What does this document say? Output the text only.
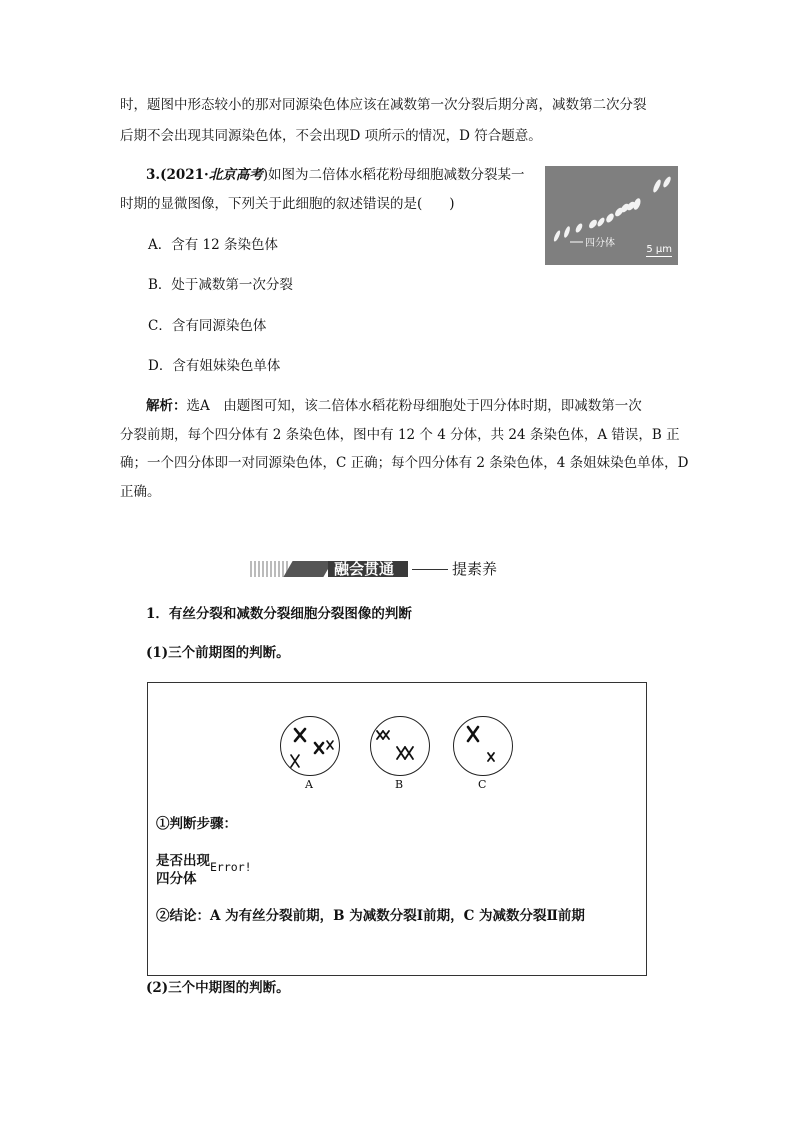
时，题图中形态较小的那对同源染色体应该在减数第一次分裂后期分离，减数第二次分裂
后期不会出现其同源染色体，不会出现D 项所示的情况，D 符合题意。
3.(2021·北京高考)如图为二倍体水稻花粉母细胞减数分裂某一
时期的显微图像，下列关于此细胞的叙述错误的是(　　)
四分体
5 μm
A．含有 12 条染色体
B．处于减数第一次分裂
C．含有同源染色体
D．含有姐妹染色单体
解析：选A　由题图可知，该二倍体水稻花粉母细胞处于四分体时期，即减数第一次
分裂前期，每个四分体有 2 条染色体，图中有 12 个 4 分体，共 24 条染色体，A 错误，B 正
确；一个四分体即一对同源染色体，C 正确；每个四分体有 2 条染色体，4 条姐妹染色单体，D
正确。
融会贯通	提素养
1．有丝分裂和减数分裂细胞分裂图像的判断
(1)三个前期图的判断。
A	B	C
①判断步骤：
是否出现
四分体
Error!
②结论：A 为有丝分裂前期，B 为减数分裂Ⅰ前期，C 为减数分裂Ⅱ前期
(2)三个中期图的判断。
